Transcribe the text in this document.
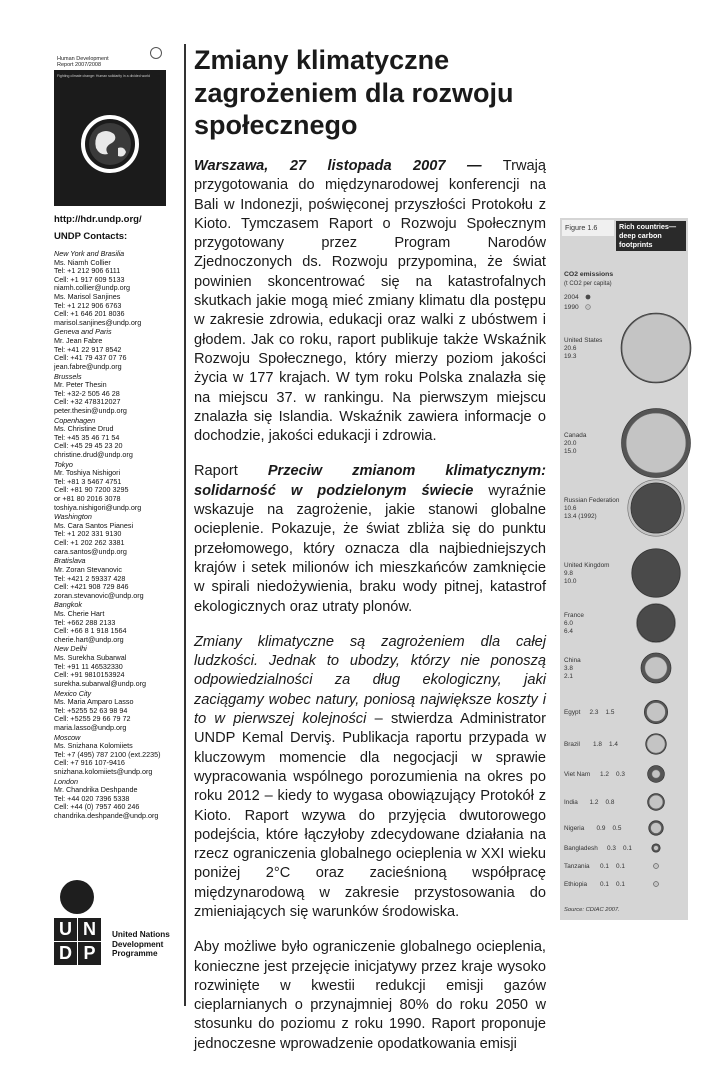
Human Development
Report 2007/2008
Fighting climate change: Human solidarity in a divided world
http://hdr.undp.org/
UNDP Contacts:
New York and Brasilia
Ms. Niamh Collier
Tel: +1 212 906 6111
Cell: +1 917 609 5133
niamh.collier@undp.org
Ms. Marisol Sanjines
Tel: +1 212 906 6763
Cell: +1 646 201 8036
marisol.sanjines@undp.org
Geneva and Paris
Mr. Jean Fabre
Tel: +41 22 917 8542
Cell: +41 79 437 07 76
jean.fabre@undp.org
Brussels
Mr. Peter Thesin
Tel: +32-2 505 46 28
Cell: +32 478312027
peter.thesin@undp.org
Copenhagen
Ms. Christine Drud
Tel: +45 35 46 71 54
Cell: +45 29 45 23 20
christine.drud@undp.org
Tokyo
Mr. Toshiya Nishigori
Tel: +81 3 5467 4751
Cell: +81 90 7200 3295
or +81 80 2016 3078
toshiya.nishigori@undp.org
Washington
Ms. Cara Santos Pianesi
Tel: +1 202 331 9130
Cell: +1 202 262 3381
cara.santos@undp.org
Bratislava
Mr. Zoran Stevanovic
Tel: +421 2 59337 428
Cell: +421 908 729 846
zoran.stevanovic@undp.org
Bangkok
Ms. Cherie Hart
Tel: +662 288 2133
Cell: +66 8 1 918 1564
cherie.hart@undp.org
New Delhi
Ms. Surekha Subarwal
Tel: +91 11 46532330
Cell: +91 9810153924
surekha.subarwal@undp.org
Mexico City
Ms. Maria Amparo Lasso
Tel: +5255 52 63 98 94
Cell: +5255 29 66 79 72
maria.lasso@undp.org
Moscow
Ms. Snizhana Kolomiiets
Tel: +7 (495) 787 2100 (ext.2235)
Cell: +7 916 107-9416
snizhana.kolomiiets@undp.org
London
Mr. Chandrika Deshpande
Tel: +44 020 7396 5338
Cell: +44 (0) 7957 460 246
chandrika.deshpande@undp.org
U N
D P
United Nations
Development
Programme
Zmiany klimatyczne
zagrożeniem dla rozwoju
społecznego

Warszawa, 27 listopada 2007 — Trwają przygotowania do międzynarodowej konferencji na Bali w Indonezji, poświęconej przyszłości Protokołu z Kioto. Tymczasem Raport o Rozwoju Społecznym przygotowany przez Program Narodów Zjednoczonych ds. Rozwoju przypomina, że świat powinien skoncentrować się na katastrofalnych skutkach jakie mogą mieć zmiany klimatu dla postępu w zakresie zdrowia, edukacji oraz walki z ubóstwem i głodem. Jak co roku, raport publikuje także Wskaźnik Rozwoju Społecznego, który mierzy poziom jakości życia w 177 krajach. W tym roku Polska znalazła się na miejscu 37. w rankingu. Na pierwszym miejscu znalazła się Islandia. Wskaźnik zawiera informacje o dochodzie, jakości edukacji i zdrowia.

Raport Przeciw zmianom klimatycznym: solidarność w podzielonym świecie wyraźnie wskazuje na zagrożenie, jakie stanowi globalne ocieplenie. Pokazuje, że świat zbliża się do punktu przełomowego, który oznacza dla najbiedniejszych krajów i setek milionów ich mieszkańców zamknięcie w spirali niedożywienia, braku wody pitnej, katastrof ekologicznych oraz utraty plonów.

Zmiany klimatyczne są zagrożeniem dla całej ludzkości. Jednak to ubodzy, którzy nie ponoszą odpowiedzialności za dług ekologiczny, jaki zaciągamy wobec natury, poniosą największe koszty i to w pierwszej kolejności – stwierdza Administrator UNDP Kemal Derviş. Publikacja raportu przypada w kluczowym momencie dla negocjacji w sprawie wypracowania wspólnego porozumienia na okres po roku 2012 – kiedy to wygasa obowiązujący Protokół z Kioto. Raport wzywa do przyjęcia dwutorowego podejścia, które łączyłoby zdecydowane działania na rzecz ograniczenia globalnego ocieplenia w XXI wieku poniżej 2°C oraz zacieśnioną współpracę międzynarodową w zakresie przystosowania do zmieniających się warunków środowiska.

Aby możliwe było ograniczenie globalnego ocieplenia, konieczne jest przejęcie inicjatywy przez kraje wysoko rozwinięte w kwestii redukcji emisji gazów cieplarnianych o przynajmniej 80% do roku 2050 w stosunku do poziomu z roku 1990. Raport proponuje jednoczesne wprowadzenie opodatkowania emisji

CO2 emissions
(t CO2 per capita)
2004
1990
United States
20.6
19.3
Canada
20.0
15.0
Russian Federation
10.6
13.4 (1992)
United Kingdom
9.8
10.0
France
6.0
6.4
China
3.8
2.1
Egypt 2.3 1.5
Brazil 1.8 1.4
Viet Nam 1.2 0.3
India 1.2 0.8
Nigeria 0.9 0.5
Bangladesh 0.3 0.1
Tanzania 0.1 0.1
Ethiopia 0.1 0.1
Source: CDIAC 2007.
Figure 1.6	Rich countries—
deep carbon
footprints
